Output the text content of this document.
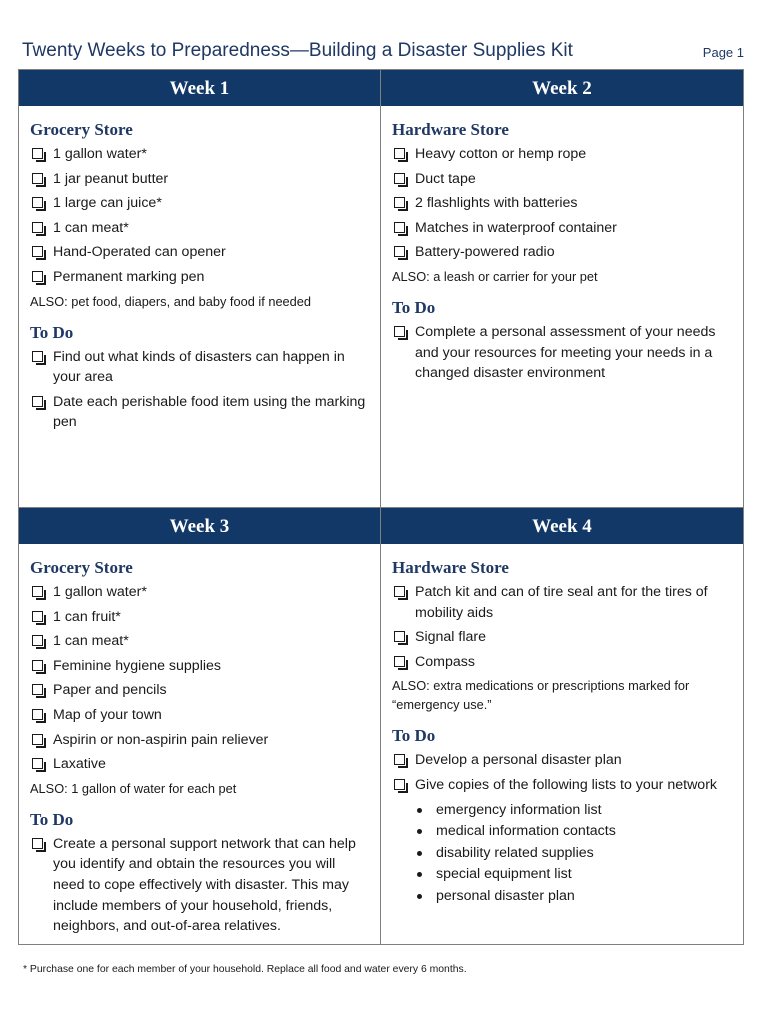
Twenty Weeks to Preparedness—Building a Disaster Supplies Kit	Page 1
Week 1
Grocery Store
1 gallon water*
1 jar peanut butter
1 large can juice*
1 can meat*
Hand-Operated can opener
Permanent marking pen
ALSO: pet food, diapers, and baby food if needed
To Do
Find out what kinds of disasters can happen in your area
Date each perishable food item using the marking pen
Week 2
Hardware Store
Heavy cotton or hemp rope
Duct tape
2 flashlights with batteries
Matches in waterproof container
Battery-powered radio
ALSO: a leash or carrier for your pet
To Do
Complete a personal assessment of your needs and your resources for meeting your needs in a changed disaster environment
Week 3
Grocery Store
1 gallon water*
1 can fruit*
1 can meat*
Feminine hygiene supplies
Paper and pencils
Map of your town
Aspirin or non-aspirin pain reliever
Laxative
ALSO: 1 gallon of water for each pet
To Do
Create a personal support network that can help you identify and obtain the resources you will need to cope effectively with disaster. This may include members of your household, friends, neighbors, and out-of-area relatives.
Week 4
Hardware Store
Patch kit and can of tire seal ant for the tires of mobility aids
Signal flare
Compass
ALSO: extra medications or prescriptions marked for “emergency use.”
To Do
Develop a personal disaster plan
Give copies of the following lists to your network
emergency information list
medical information contacts
disability related supplies
special equipment list
personal disaster plan
* Purchase one for each member of your household. Replace all food and water every 6 months.
